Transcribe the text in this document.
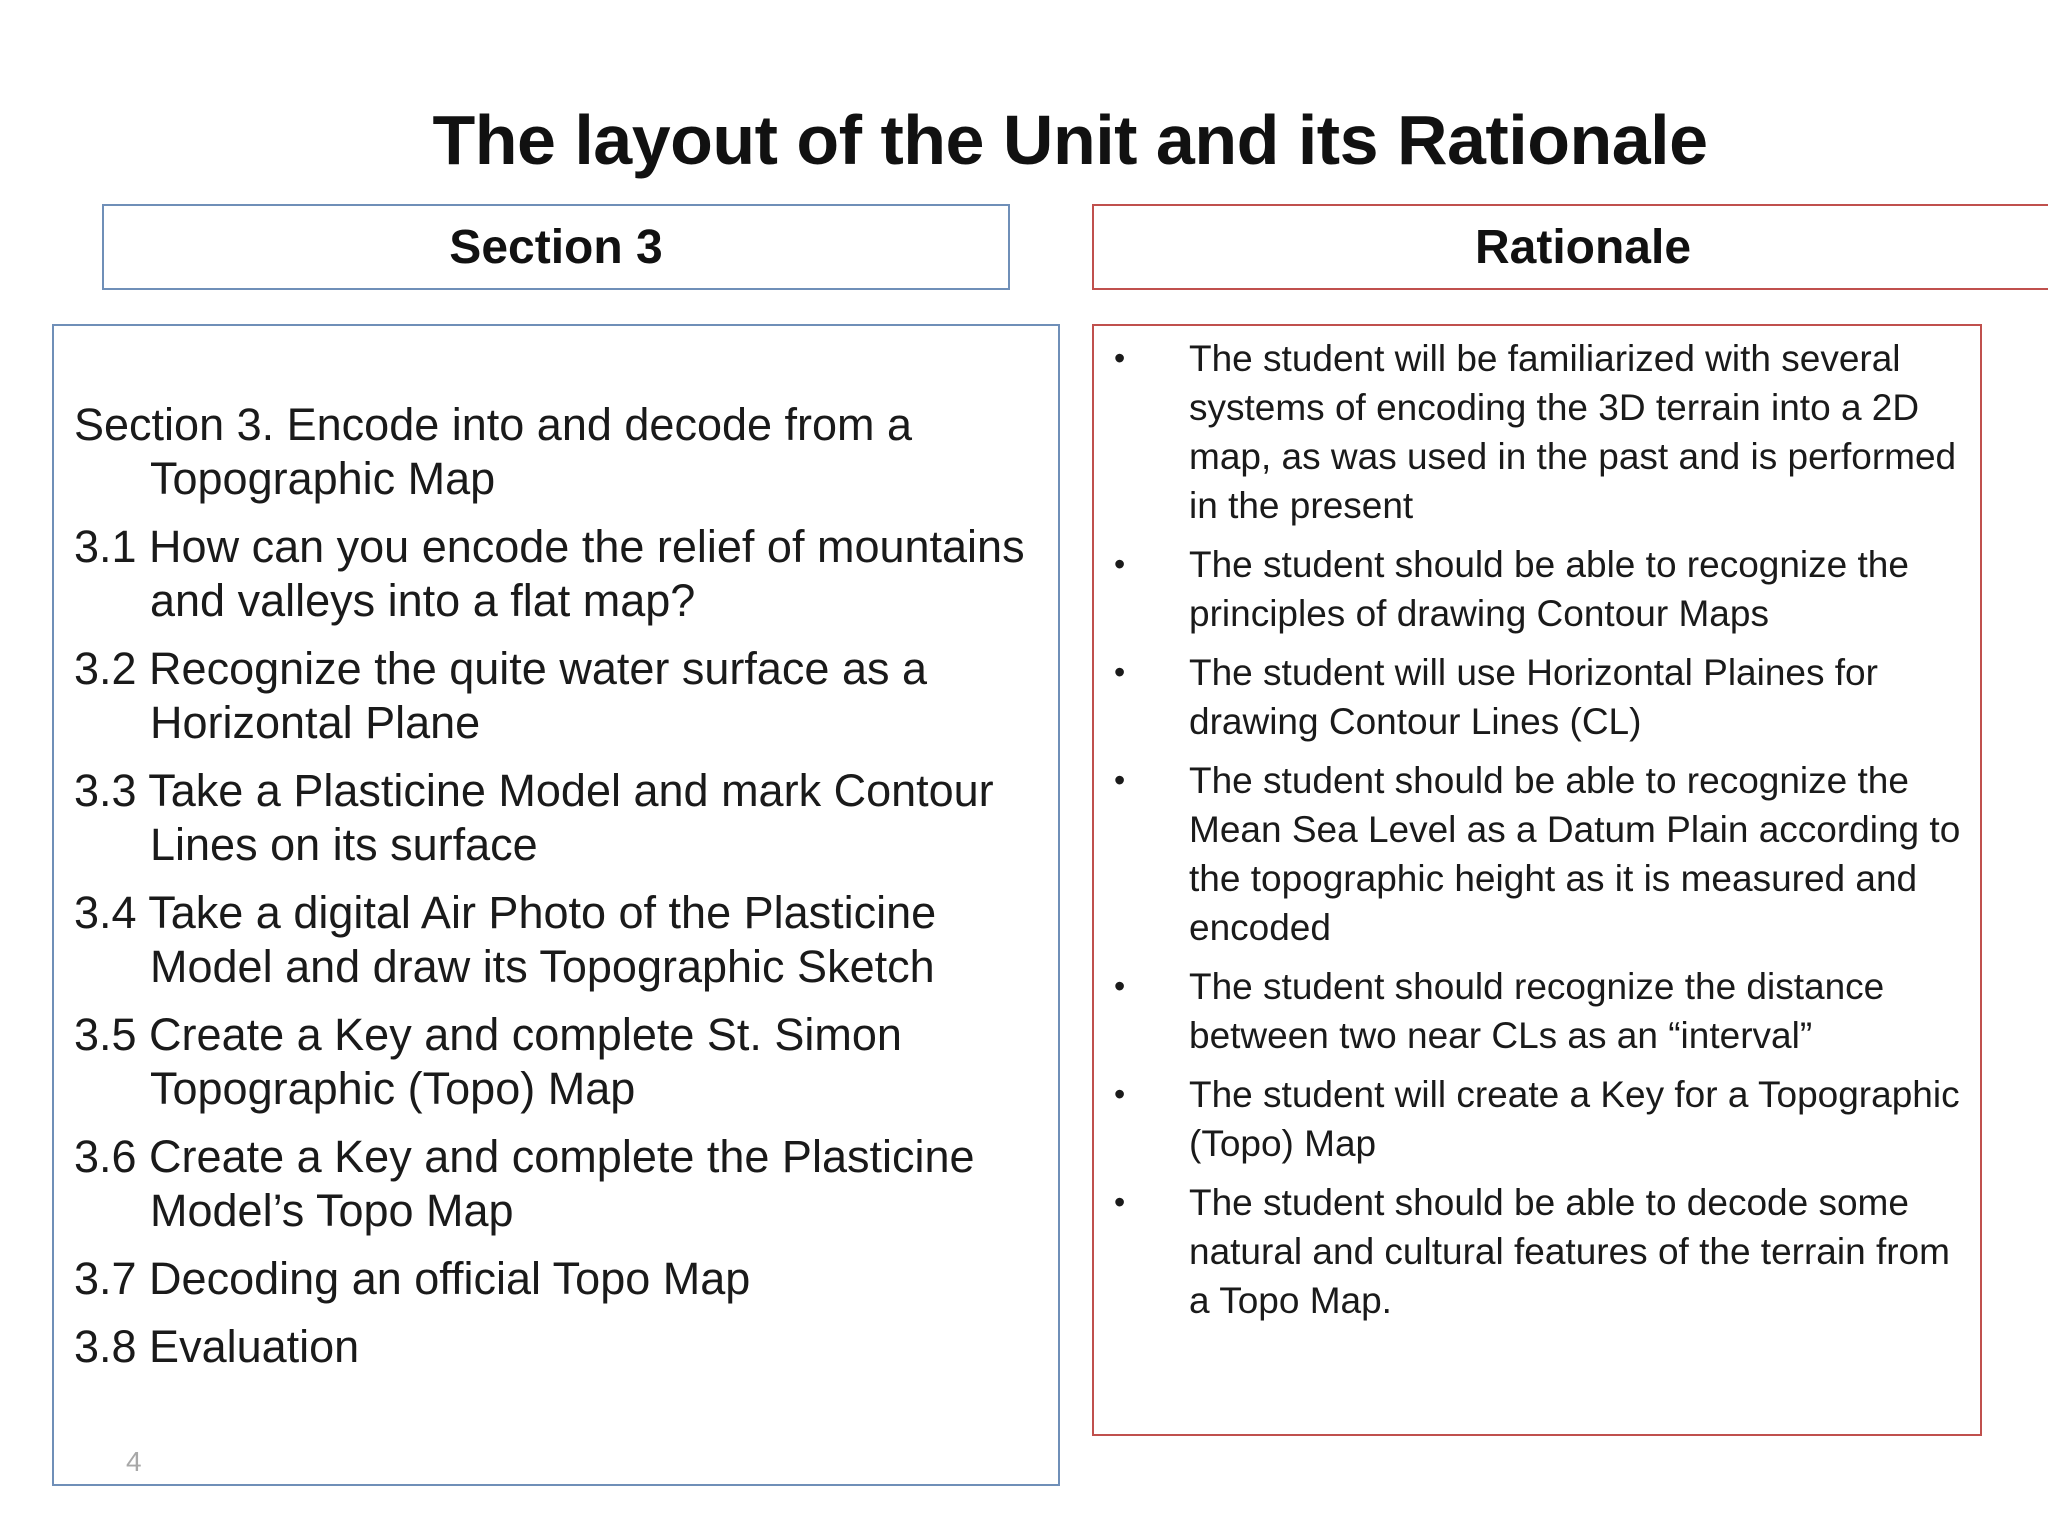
The layout of the Unit and its Rationale
Section 3	Rationale
Section 3. Encode into and decode from a Topographic Map
3.1 How can you encode the relief of mountains and valleys into a flat map?
3.2 Recognize the quite water surface as a Horizontal Plane
3.3 Take a Plasticine Model and mark Contour Lines on its surface
3.4 Take a digital Air Photo of the Plasticine Model and draw its Topographic Sketch
3.5 Create a Key and complete St. Simon Topographic (Topo) Map
3.6 Create a Key and complete the Plasticine Model’s Topo Map
3.7 Decoding an official Topo Map
3.8 Evaluation
4
• The student will be familiarized with several systems of encoding the 3D terrain into a 2D map, as was used in the past and is performed in the present
• The student should be able to recognize the principles of drawing Contour Maps
• The student will use Horizontal Plaines for drawing Contour Lines (CL)
• The student should be able to recognize the Mean Sea Level as a Datum Plain according to the topographic height as it is measured and encoded
• The student should recognize the distance between two near CLs as an “interval”
• The student will create a Key for a Topographic (Topo) Map
• The student should be able to decode some natural and cultural features of the terrain from a Topo Map.
